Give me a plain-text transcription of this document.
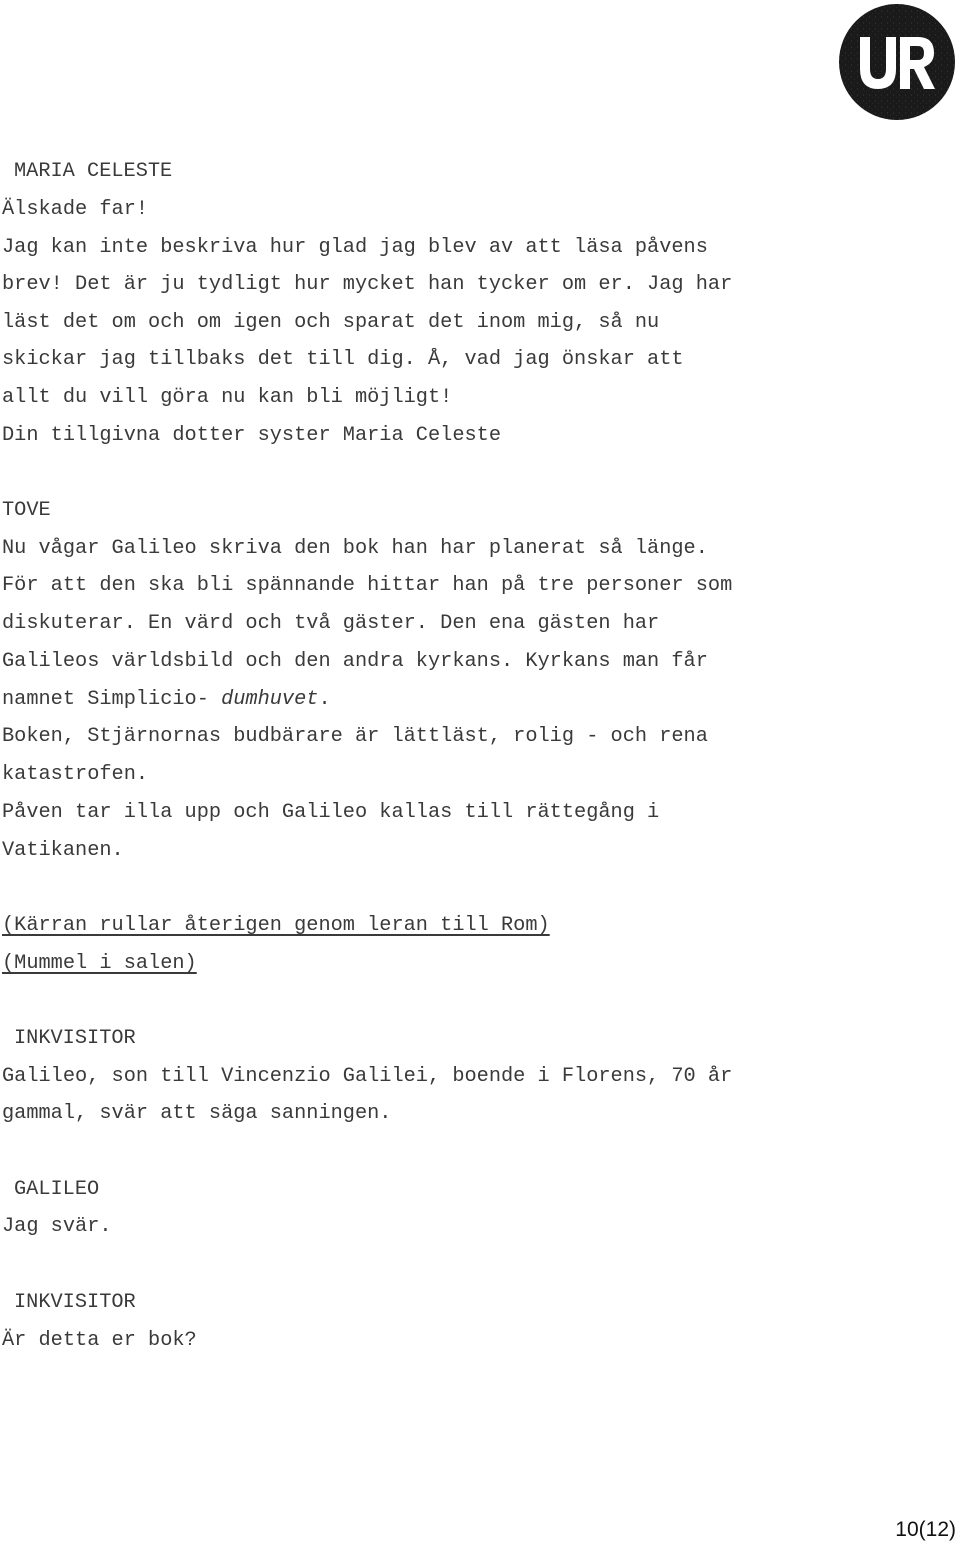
MARIA CELESTE
Älskade far!
Jag kan inte beskriva hur glad jag blev av att läsa påvens
brev! Det är ju tydligt hur mycket han tycker om er. Jag har
läst det om och om igen och sparat det inom mig, så nu
skickar jag tillbaks det till dig. Å, vad jag önskar att
allt du vill göra nu kan bli möjligt!
Din tillgivna dotter syster Maria Celeste
TOVE
Nu vågar Galileo skriva den bok han har planerat så länge.
För att den ska bli spännande hittar han på tre personer som
diskuterar. En värd och två gäster. Den ena gästen har
Galileos världsbild och den andra kyrkans. Kyrkans man får
namnet Simplicio- dumhuvet.
Boken, Stjärnornas budbärare är lättläst, rolig - och rena
katastrofen.
Påven tar illa upp och Galileo kallas till rättegång i
Vatikanen.
(Kärran rullar återigen genom leran till Rom)
(Mummel i salen)
INKVISITOR
Galileo, son till Vincenzio Galilei, boende i Florens, 70 år
gammal, svär att säga sanningen.
GALILEO
Jag svär.
INKVISITOR
Är detta er bok?
10(12)
